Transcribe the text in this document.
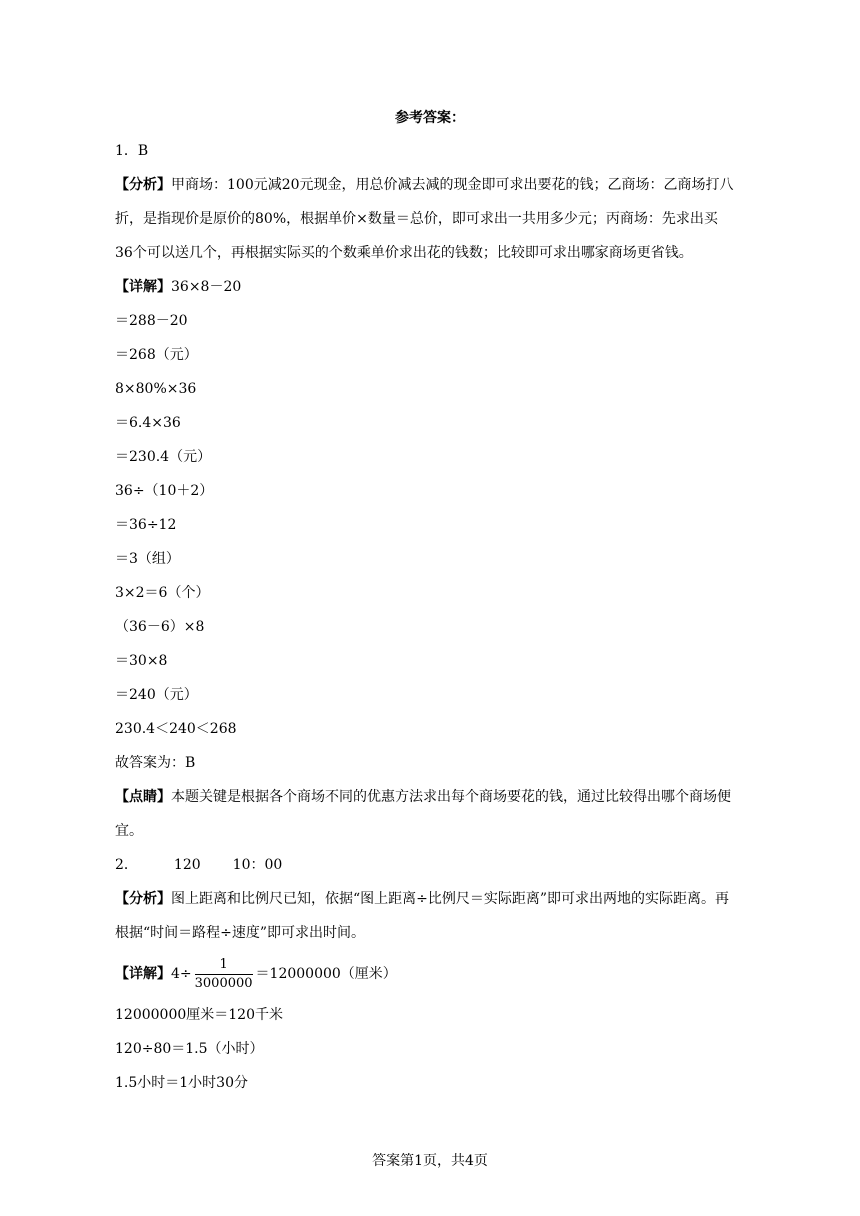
参考答案：
1．B
【分析】甲商场：100元减20元现金，用总价减去减的现金即可求出要花的钱；乙商场：乙商场打八折，是指现价是原价的80%，根据单价×数量＝总价，即可求出一共用多少元；丙商场：先求出买36个可以送几个，再根据实际买的个数乘单价求出花的钱数；比较即可求出哪家商场更省钱。
【详解】36×8－20
＝288－20
＝268（元）
8×80%×36
＝6.4×36
＝230.4（元）
36÷（10＋2）
＝36÷12
＝3（组）
3×2＝6（个）
（36－6）×8
＝30×8
＝240（元）
230.4＜240＜268
故答案为：B
【点睛】本题关键是根据各个商场不同的优惠方法求出每个商场要花的钱，通过比较得出哪个商场便宜。
2．	120 10：00
【分析】图上距离和比例尺已知，依据“图上距离÷比例尺＝实际距离”即可求出两地的实际距离。再根据“时间＝路程÷速度”即可求出时间。
【详解】 $4\div \frac{1}{3000000} =12000000$（厘米）
12000000厘米＝120千米
120÷80＝1.5（小时）
1.5小时＝1小时30分
答案第1页，共4页
